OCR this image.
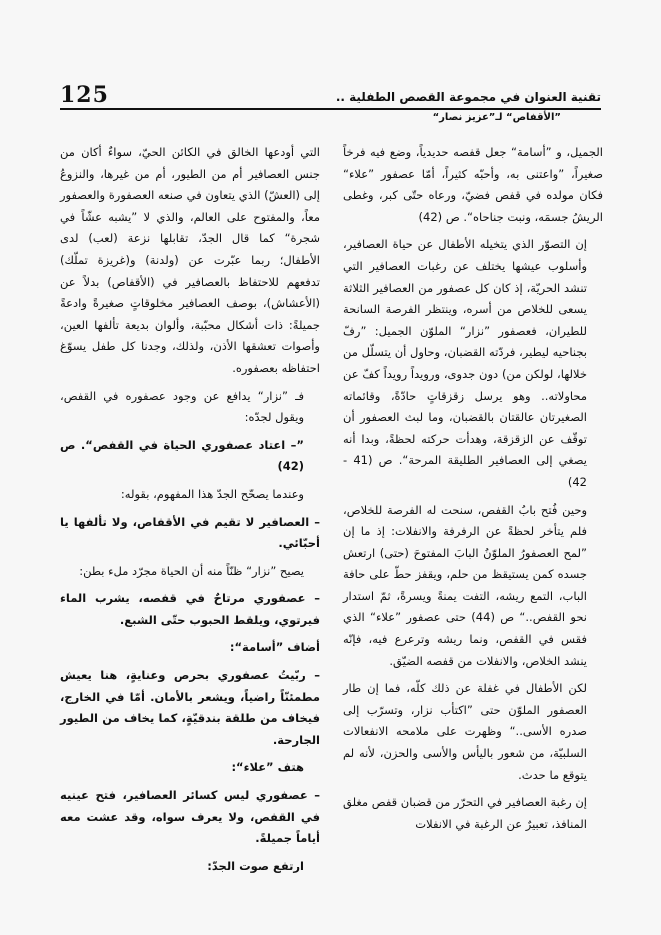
125	تقنية العنوان في مجموعة القصص الطفلية ..
”الأقفاص“ لـ”عزيز نصار“

الجميل، و ”أسامة“ جعل قفصه حديدياً، وضع فيه فرخاً صغيراً، ”واعتنى به، وأحبّه كثيراً، أمّا عصفور ”علاء“ فكان مولده في قفص فضيّ، ورعاه حتّى كبر، وغطى الريشُ جسمَه، ونبت جناحاه“. ص (42)

إن التصوّر الذي يتخيله الأطفال عن حياة العصافير، وأسلوب عيشها يختلف عن رغبات العصافير التي تنشد الحريّة، إذ كان كل عصفور من العصافير الثلاثة يسعى للخلاص من أسره، وينتظر الفرصة السانحة للطيران، فعصفور ”نزار“ الملوّن الجميل: ”رفّ بجناحيه ليطير، فردّته القضبان، وحاول أن يتسلّل من خلالها، لولكن من) دون جدوى، ورويداً رويداً كفّ عن محاولاته.. وهو يرسل زقزقاتٍ حادّةً، وقائماته الصغيرتان عالقتان بالقضبان، وما لبث العصفور أن توقّف عن الزقزقة، وهدأت حركته لحظةً، وبدا أنه يصغي إلى العصافير الطليقة المرحة“. ص (41 - 42)

وحين فُتح بابُ القفص، سنحت له الفرصة للخلاص، فلم يتأخر لحظةً عن الرفرفة والانفلات: إذ ما إن ”لمح العصفورُ الملوّنُ البابَ المفتوحَ (حتى) ارتعش جسده كمن يستيقظ من حلم، ويقفز حطّ على حافة الباب، التمع ريشه، التفت يمنةً ويسرةً، ثمّ استدار نحو القفص..“ ص (44) حتى عصفور ”علاء“ الذي فقس في القفص، ونما ريشه وترعرع فيه، فإنّه ينشد الخلاص، والانفلات من قفصه الضيّق.

لكن الأطفال في غفلة عن ذلك كلّه، فما إن طار العصفور الملوّن حتى ”اكتأب نزار، وتسرّب إلى صدره الأسى..“ وظهرت على ملامحه الانفعالات السلبيّة، من شعور باليأس والأسى والحزن، لأنه لم يتوقع ما حدث.

إن رغبة العصافير في التحرّر من قضبان قفص مغلق المنافذ، تعبيرٌ عن الرغبة في الانفلات

التي أودعها الخالق في الكائن الحيّ، سواءٌ أكان من جنس العصافير أم من الطيور، أم من غيرها، والنزوعُ إلى (العشّ) الذي يتعاون في صنعه العصفورة والعصفور معاً، والمفتوح على العالم، والذي لا ”يشبه عشّاً في شجرة“ كما قال الجدّ، تقابلها نزعة (لعب) لدى الأطفال؛ ربما عبّرت عن (ولدنة) و(غريزة تملّك) تدفعهم للاحتفاظ بالعصافير في (الأقفاص) بدلاً عن (الأعشاش)، بوصف العصافير مخلوقاتٍ صغيرةً وادعةً جميلةً: ذات أشكال محبّبة، وألوان بديعة تألفها العين، وأصوات تعشقها الأذن، ولذلك، وجدنا كل طفل يسوّغ احتفاظه بعصفوره.

فـ ”نزار“ يدافع عن وجود عصفوره في القفص، ويقول لجدّه:

”– اعتاد عصفوري الحياة في القفص“. ص (42)

وعندما يصحّح الجدّ هذا المفهوم، بقوله:

– العصافير لا تقيم في الأقفاص، ولا تألفها يا أحبّائي.

يصيح ”نزار“ ظنّاً منه أن الحياة مجرّد ملء بطن:

– عصفوري مرتاحٌ في قفصه، يشرب الماء فيرتوي، ويلقط الحبوب حتّى الشبع.

أضاف ”أسامة“:

– ربّيتُ عصفوري بحرص وعنايةٍ، هنا يعيش مطمئنّاً راضياً، ويشعر بالأمان. أمّا في الخارج، فيخاف من طلقة بندقيّةٍ، كما يخاف من الطيور الجارحة.

هتف ”علاء“:

– عصفوري ليس كسائر العصافير، فتح عينيه في القفص، ولا يعرف سواه، وقد عشت معه أياماً جميلةً.

ارتفع صوت الجدّ:
